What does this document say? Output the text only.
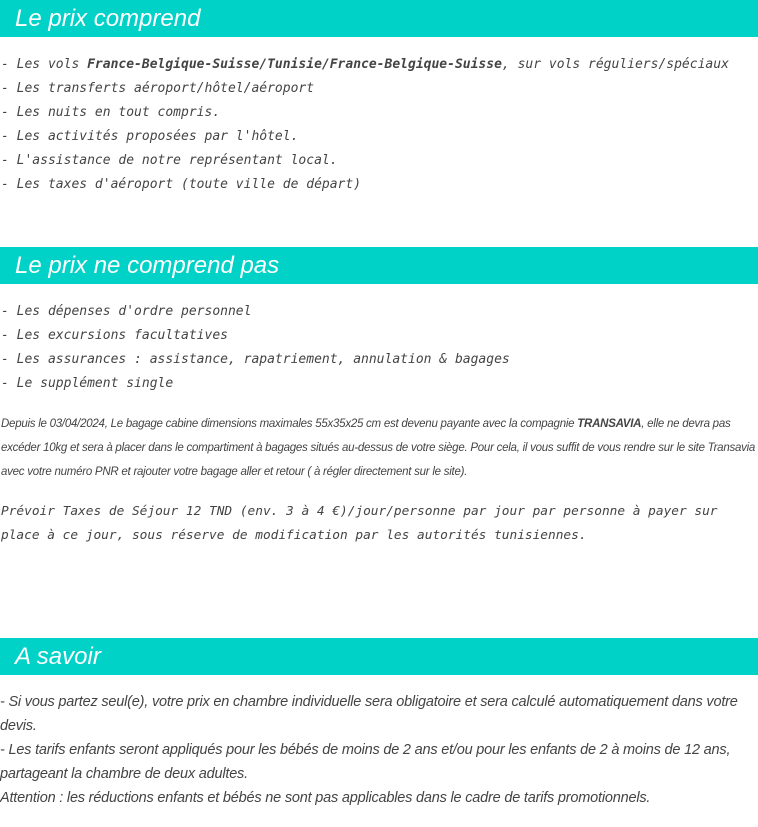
Le prix comprend
- Les vols France-Belgique-Suisse/Tunisie/France-Belgique-Suisse, sur vols réguliers/spéciaux
- Les transferts aéroport/hôtel/aéroport
- Les nuits en tout compris.
- Les activités proposées par l'hôtel.
- L'assistance de notre représentant local.
- Les taxes d'aéroport (toute ville de départ)
Le prix ne comprend pas
- Les dépenses d'ordre personnel
- Les excursions facultatives
- Les assurances : assistance, rapatriement, annulation & bagages
- Le supplément single

Depuis le 03/04/2024, Le bagage cabine dimensions maximales 55x35x25 cm est devenu payante avec la compagnie TRANSAVIA, elle ne devra pas excéder 10kg et sera à placer dans le compartiment à bagages situés au-dessus de votre siège. Pour cela, il vous suffit de vous rendre sur le site Transavia avec votre numéro PNR et rajouter votre bagage aller et retour ( à régler directement sur le site).

Prévoir Taxes de Séjour 12 TND (env. 3 à 4 €)/jour/personne par jour par personne à payer sur place à ce jour, sous réserve de modification par les autorités tunisiennes.

A savoir
- Si vous partez seul(e), votre prix en chambre individuelle sera obligatoire et sera calculé automatiquement dans votre devis.
- Les tarifs enfants seront appliqués pour les bébés de moins de 2 ans et/ou pour les enfants de 2 à moins de 12 ans, partageant la chambre de deux adultes.
Attention : les réductions enfants et bébés ne sont pas applicables dans le cadre de tarifs promotionnels.
